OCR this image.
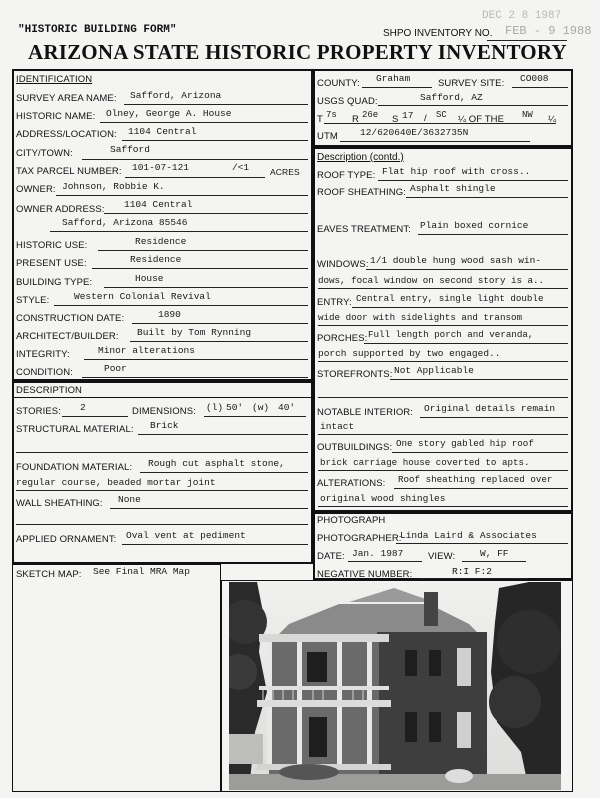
"HISTORIC BUILDING FORM"	SHPO INVENTORY NO.
DEC 2 8 1987
FEB - 9 1988
ARIZONA STATE HISTORIC PROPERTY INVENTORY
IDENTIFICATION
SURVEY AREA NAME: Safford, Arizona
HISTORIC NAME: Olney, George A. House
ADDRESS/LOCATION: 1104 Central
CITY/TOWN:	Safford
TAX PARCEL NUMBER: 101-07-121	/<1 ACRES
OWNER: Johnson, Robbie K.
OWNER ADDRESS: 1104 Central
Safford, Arizona 85546
HISTORIC USE:	Residence
PRESENT USE:	Residence
BUILDING TYPE:	House
STYLE:	Western Colonial Revival
CONSTRUCTION DATE:	1890
ARCHITECT/BUILDER: Built by Tom Rynning
INTEGRITY:	Minor alterations
CONDITION:	Poor
COUNTY: Graham	SURVEY SITE: CO008
USGS QUAD:	Safford, AZ
T 7s R 26e S 17 / SC ¼ OF THE NW ¼
UTM 12/620640E/3632735N
Description (contd.)
ROOF TYPE: Flat hip roof with cross..
ROOF SHEATHING: Asphalt shingle
EAVES TREATMENT: Plain boxed cornice
WINDOWS: 1/1 double hung wood sash win-
dows, focal window on second story is a..
ENTRY: Central entry, single light double
wide door with sidelights and transom
PORCHES: Full length porch and veranda,
porch supported by two engaged..
STOREFRONTS: Not Applicable
NOTABLE INTERIOR: Original details remain
intact
OUTBUILDINGS: One story gabled hip roof
brick carriage house coverted to apts.
ALTERATIONS: Roof sheathing replaced over
original wood shingles
DESCRIPTION
STORIES: 2	DIMENSIONS: (l) 50' (w) 40'
STRUCTURAL MATERIAL: Brick
FOUNDATION MATERIAL: Rough cut asphalt stone,
regular course, beaded mortar joint
WALL SHEATHING: None
APPLIED ORNAMENT: Oval vent at pediment
PHOTOGRAPH
PHOTOGRAPHER:
Linda Laird & Associates
DATE: Jan. 1987	VIEW:	W, FF
NEGATIVE NUMBER:	R:I F:2
SKETCH MAP: See Final MRA Map
